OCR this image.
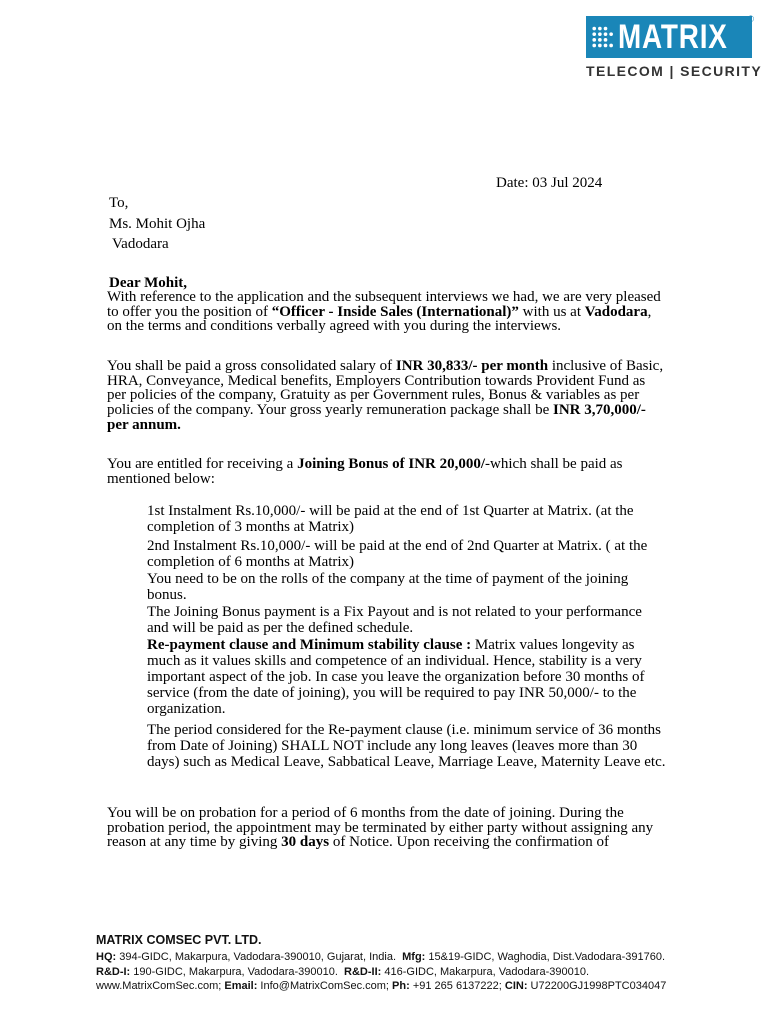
MATRIX ®
TELECOM | SECURITY
Date: 03 Jul 2024
To,
Ms. Mohit Ojha
Vadodara
Dear Mohit,
With reference to the application and the subsequent interviews we had, we are very pleased to offer you the position of “Officer - Inside Sales (International)” with us at Vadodara, on the terms and conditions verbally agreed with you during the interviews.
You shall be paid a gross consolidated salary of INR 30,833/- per month inclusive of Basic, HRA, Conveyance, Medical benefits, Employers Contribution towards Provident Fund as per policies of the company, Gratuity as per Government rules, Bonus & variables as per policies of the company. Your gross yearly remuneration package shall be INR 3,70,000/- per annum.
You are entitled for receiving a Joining Bonus of INR 20,000/-which shall be paid as mentioned below:
1st Instalment Rs.10,000/- will be paid at the end of 1st Quarter at Matrix. (at the completion of 3 months at Matrix)
2nd Instalment Rs.10,000/- will be paid at the end of 2nd Quarter at Matrix. ( at the completion of 6 months at Matrix)
You need to be on the rolls of the company at the time of payment of the joining bonus.
The Joining Bonus payment is a Fix Payout and is not related to your performance and will be paid as per the defined schedule.
Re-payment clause and Minimum stability clause : Matrix values longevity as much as it values skills and competence of an individual. Hence, stability is a very important aspect of the job. In case you leave the organization before 30 months of service (from the date of joining), you will be required to pay INR 50,000/- to the organization.
The period considered for the Re-payment clause (i.e. minimum service of 36 months from Date of Joining) SHALL NOT include any long leaves (leaves more than 30 days) such as Medical Leave, Sabbatical Leave, Marriage Leave, Maternity Leave etc.
You will be on probation for a period of 6 months from the date of joining. During the probation period, the appointment may be terminated by either party without assigning any reason at any time by giving 30 days of Notice. Upon receiving the confirmation of
MATRIX COMSEC PVT. LTD.
HQ: 394-GIDC, Makarpura, Vadodara-390010, Gujarat, India. Mfg: 15&19-GIDC, Waghodia, Dist.Vadodara-391760.
R&D-I: 190-GIDC, Makarpura, Vadodara-390010. R&D-II: 416-GIDC, Makarpura, Vadodara-390010.
www.MatrixComSec.com; Email: Info@MatrixComSec.com; Ph: +91 265 6137222; CIN: U72200GJ1998PTC034047
